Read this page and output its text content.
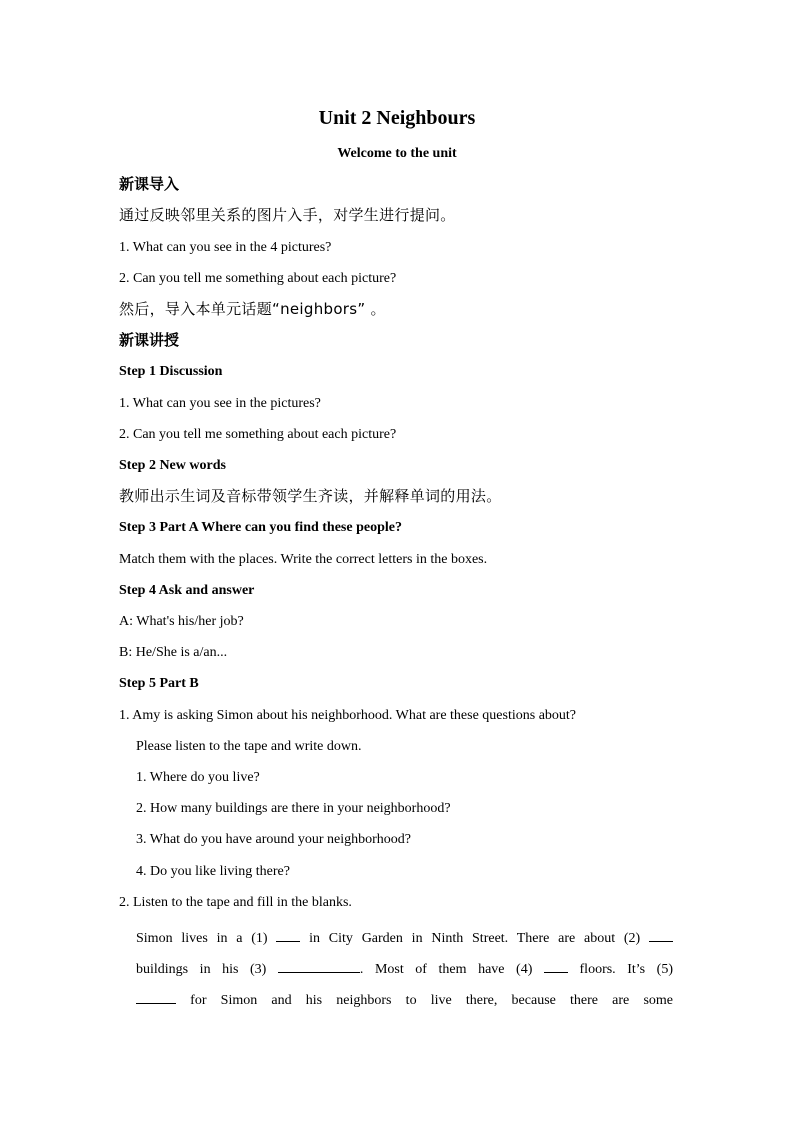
Unit 2 Neighbours
Welcome to the unit
新课导入
通过反映邻里关系的图片入手，对学生进行提问。
1. What can you see in the 4 pictures?
2. Can you tell me something about each picture?
然后，导入本单元话题“neighbors” 。
新课讲授
Step 1 Discussion
1. What can you see in the pictures?
2. Can you tell me something about each picture?
Step 2 New words
教师出示生词及音标带领学生齐读，并解释单词的用法。
Step 3 Part A Where can you find these people?
Match them with the places. Write the correct letters in the boxes.
Step 4 Ask and answer
A: What's his/her job?
B: He/She is a/an...
Step 5 Part B
1. Amy is asking Simon about his neighborhood. What are these questions about?
Please listen to the tape and write down.
1. Where do you live?
2. How many buildings are there in your neighborhood?
3. What do you have around your neighborhood?
4. Do you like living there?
2. Listen to the tape and fill in the blanks.
Simon lives in a (1)	in City Garden in Ninth Street. There are about (2)
buildings in his (3)	. Most of them have (4)	floors. It’s (5)
for Simon and his neighbors to live there, because there are some
